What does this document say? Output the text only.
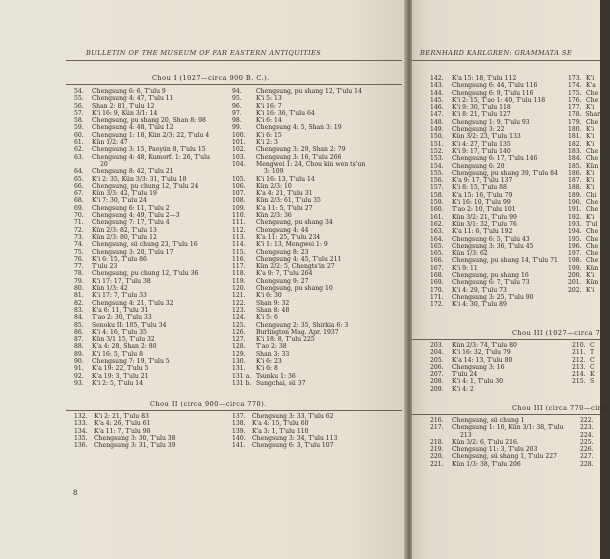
BULLETIN OF THE MUSEUM OF FAR EASTERN ANTIQUITIES
Chou I (1027—circa 900 B. C.).
54.	Chengsung 6: 6, T'ulu 9
55.	Chengsung 4: 47, T'ulu 11
56.	Shan 2: 81, T'ulu 12
57.	K'i 16: 9, Kün 3/1: 14
58.	Chengsung, pu shang 20, Shan 8: 98
59.	Chengsung 4: 48, T'ulu 12
60.	Chengsung 1: 18, Kün 2/3: 22, T'ulu 4
61.	Kün 1/2: 47
62.	Chengsung 3: 15, Paoyün 8, T'ulu 15
63.	Chengsung 4: 48, Kumorf. 1: 26, T'ulu
20
64.	Chengsung 8: 42, T'ulu 21
65.	K'i 2: 35, Kün 3/3: 31, T'ulu 18
66.	Chengsung, pu chung 12, T'ulu 24
67.	Kün 3/3: 42, T'ulu 19
68.	K'i 7: 30, T'ulu 24
69.	Chengsung 6: 11, T'ulu 2
70.	Chengsung 4: 49, T'ulu 2—3
71.	Chengsung 7: 17, T'ulu 4
72.	Kün 2/3: 82, T'ulu 13
73.	Kün 2/3: 80, T'ulu 12
74.	Chengsung, sü chung 23, T'ulu 16
75.	Chengsung 3: 20, T'ulu 17
76.	K'i 6: 15, T'ulu 86
77.	T'ulu 23
78.	Chengsung, pu chung 12, T'ulu 36
79.	K'i 17: 17, T'ulu 38
80.	Kün 1/3: 42
81.	K'i 17: 7, T'ulu 33
82.	Chengsung 4: 21, T'ulu 32
83.	K'a 6: 11, T'ulu 31
84.	T'ao 2: 30, T'ulu 33
85.	Senoku II: 105, T'ulu 34
86.	K'i 4: 16, T'ulu 35
87.	Kün 3/1 15, T'ulu 32
88.	K'a 4: 28, Shan 2: 80
89.	K'i 16: 5, T'ulu 8
90.	Chengsung 7: 19, T'ulu 5
91.	K'a 19: 22, T'ulu 5
92.	K'a 19: 3, T'ulu 21
93.	K'i 2: 5, T'ulu 14
94.	Chengsung, pu shang 12, T'ulu 14
95.	K'i 5: 13
96.	K'i 16: 7
97.	K'i 16: 36, T'ulu 64
98.	K'i 6: 14
99.	Chengsung 4: 5, Shan 3: 19
100.	K'i 6: 15
101.	K'i 2: 3
102.	Chengsung 3: 29, Shan 2: 79
103.	Chengsung 3: 16, T'ulu 266
104.	Mengwei 1: 24, Chou kin wen ts'un
3: 109
105.	K'i 16: 13, T'ulu 14
106.	Kün 2/3: 10
107.	K'a 4: 21, T'ulu 31
108.	Kün 2/3: 61, T'ulu 35
109.	K'a 11: 5, T'ulu 27
110.	Kün 2/3: 36
111.	Chengsung, pu shang 34
112.	Chengsung 4: 44
113.	K'a 11: 25, T'ulu 234
114.	K'i 1: 13, Mengwei 1: 9
115.	Chengsung 8: 23
116.	Chengsung 4: 45, T'ulu 211
117.	Kün 2/2: 5, Chengts'in 27
118.	K'a 9: 7, T'ulu 264
119.	Chengsung 9: 27
120.	Chengsung, pu shang 10
121.	K'i 6: 30
122.	Shan 9: 32
123.	Shan 8: 48
124.	K'i 5: 6
125.	Chengsung 2: 35, Shirkia 6: 3
126.	Burlington Mag. Apr. 1937
127.	K'i 18: 8, T'ulu 225
128.	T'ao 2: 38
129.	Shan 3: 33
130.	K'i 6: 23
131.	K'i 6: 8
131 a. Tsunku 1: 36
131 b. Sungchai, sü 37
Chou II (circa 900—circa 770).
132.	K'i 2: 21, T'ulu 83
133.	K'a 4: 26, T'ulu 61
134.	K'a 11: 7, T'ulu 98
135.	Chengsung 3: 30, T'ulu 38
136.	Chengsung 3: 31, T'ulu 39
137.	Chengsung 3: 33, T'ulu 62
138.	K'a 4: 15, T'ulu 60
139.	K'a 3: 1, T'ulu 110
140.	Chengsung 3: 34, T'ulu 113
141.	Chengsung 6: 3, T'ulu 107
8
BERNHARD KARLGREN: GRAMMATA SE
142.	K'a 15: 18, T'ulu 112
143.	Chengsung 6: 44, T'ulu 116
144.	Chengsung 6: 9, T'ulu 116
145.	K'i 2: 15, T'ao 1: 40, T'ulu 118
146.	K'i 9: 30, T'ulu 118
147.	K'i 8: 21, T'ulu 127
148.	Chengsung 1: 9, T'ulu 93
149.	Chengsung 3: 22
150.	Kün 3/2: 23, T'ulu 133
151.	K'i 4: 27, T'ulu 135
152.	K'i 9: 17, T'ulu 140
153.	Chengsung 6: 17, T'ulu 146
154.	Chengsung 6: 20
155.	Chengsung, pu shang 39, T'ulu 84
156.	K'a 9: 17, T'ulu 137
157.	K'i 8: 15, T'ulu 88
158.	K'a 15: 16, T'ulu 79
159.	K'i 16: 10, T'ulu 99
160.	T'ao 2: 10, T'ulu 101
161.	Kün 3/2: 21, T'ulu 99
162.	Kün 3/1: 32, T'ulu 76
163.	K'a 11: 6, T'ulu 192
164.	Chengsung 6: 5, T'ulu 43
165.	Chengsung 3: 36, T'ulu 45
165.	Kün 1/3: 62
166.	Chengsung, pu shang 14, T'ulu 71
167.	K'i 9: 11
168.	Chengsung, pu shang 16
169.	Chengsung 6: 7, T'ulu 73
170.	K'i 4: 29, T'ulu 73
171.	Chengsung 3: 25, T'ulu 90
172.	K'i 4: 30, T'ulu 89
173. K'i
174. K'a
175. Che
176. Che
177. K'i
178. Shar
179. Che
180. K'i
181. K'i
182. K'i
183. Che
184. Che
185. Kün
186. K'i
187. K'i
188. K'i
189. Chi
190. Che
191. Che
192. K'i
193. T'ul
194. Che
195. Che
196. Che
197. Che
198. Che
199. Kün
200. K'i
201. Kün
202. K'i
Chou III (1027—circa 7
203.	Kün 2/3: 74, T'ulu 80
204.	K'i 16: 32, T'ulu 79
205.	K'a 14: 13, T'ulu 80
206.	Chengsung 3: 16
207.	T'ulu 24
208.	K'i 4: 1, T'ulu 30
209.	K'i 4: 2
210. C
211. T
212. C
213. C
214. K
215. S
Chou III (circa 770—circa
216.	Chengsung, sü chung 1
217.	Chengsung 1: 16, Kün 3/1: 38, T'ulu
213
218.	Kün 3/2: 6, T'ulu 216.
219.	Chengsung 11: 3, T'ulu 203
220.	Chengsung, sü shang 1, T'ulu 227
221.	Kün 1/3: 38, T'ulu 206
222.
223.
224.
225.
226.
227.
228.
